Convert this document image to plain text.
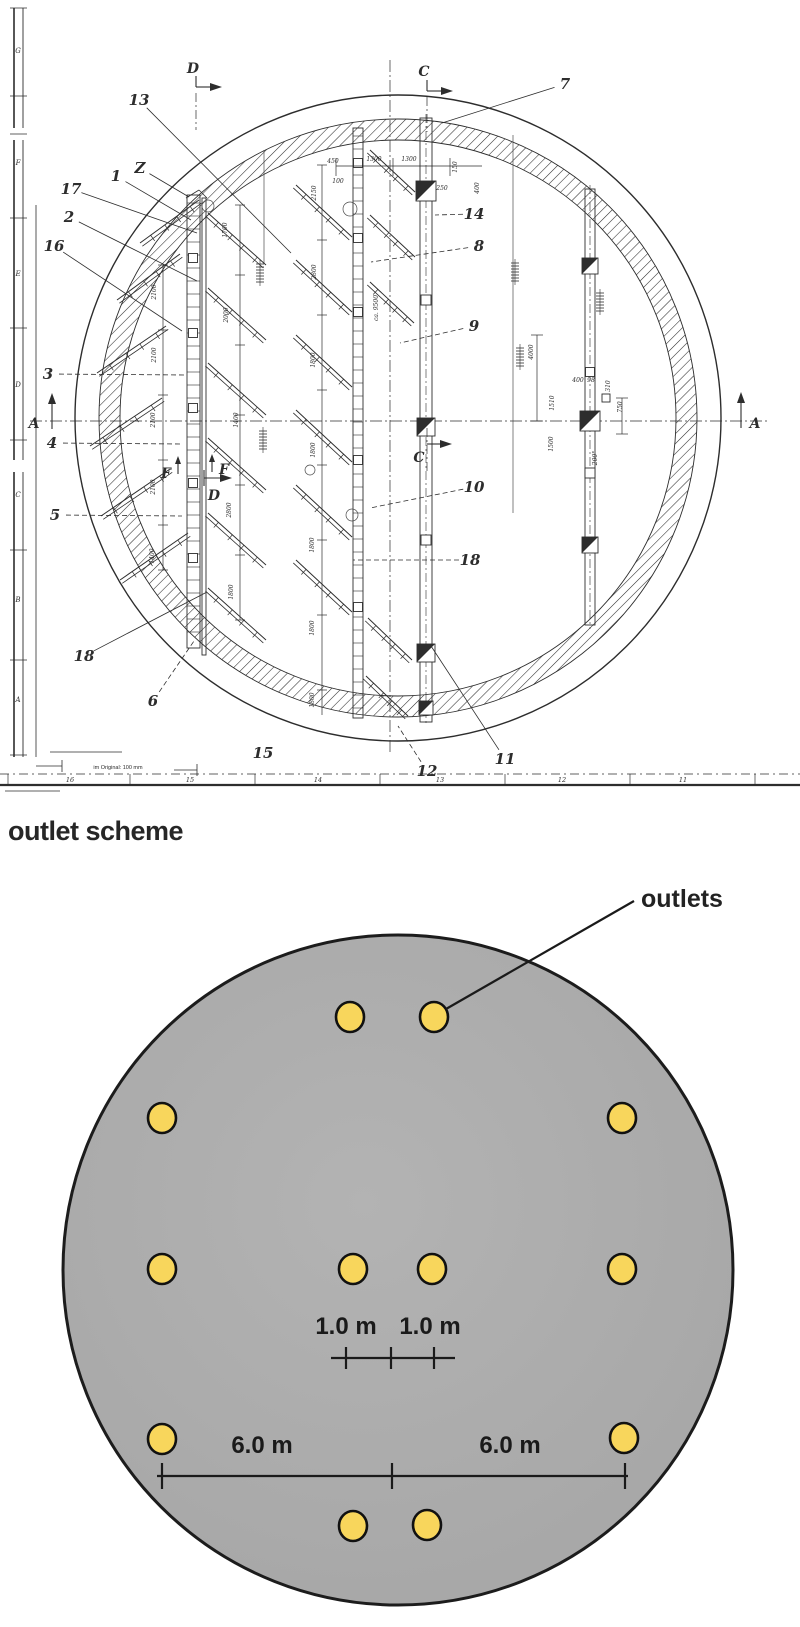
G
F
E
D
C
B
A
16	15	14	13	12	11
im Original: 100 mm
450	1300	1300
150
250	400
2150
2800
1800
1800
1800
1800
1800
2100
2100
2100
2100
1400
1700
2000
1400
2800
1800
ca. 9500
4000
1510
400 98 310
750
1500
200°
100
13
7
Z
1
17
2
16
3
4
5
18
6
15
12
11
10
18
14
8
9
D	C
A	A
C
D
F	F
outlet scheme
1.0 m 1.0 m
6.0 m	6.0 m
outlets
